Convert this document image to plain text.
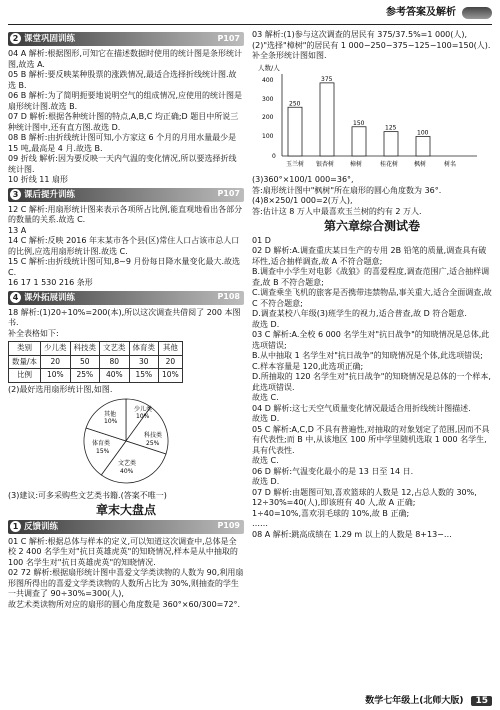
参考答案及解析
2 课堂巩固训练	P107

04 A 解析:根据图形,可知它在描述数据时使用的统计图是条形统计图,故选 A.

05 B 解析:要反映某种股票的涨跌情况,最适合选择折线统计图.故选 B.

06 B 解析:为了简明扼要地说明空气的组成情况,应使用的统计图是扇形统计图.故选 B.

07 D 解析:根据各种统计图的特点,A,B,C 均正确;D 题目中所说三种统计图中,还有直方图.故选 D.

08 B 解析:由折线统计图可知,小方家这 6 个月的月用水量最少是 15 吨,最高是 4 月.故选 B.

09 折线 解析:因为要反映一天内气温的变化情况,所以要选择折线统计图.

10 折线 11 扇形

3 课后提升训练	P107

12 C 解析:用扇形统计图来表示各项所占比例,能直观地看出各部分的数量的关系.故选 C.

13 A

14 C 解析:反映 2016 年末某市各个县(区)常住人口占该市总人口的比例,应选用扇形统计图.故选 C.

15 C 解析:由折线统计图可知,8~9 月份每日降水量变化最大.故选 C.

16 17 1 530 216 条形

4 课外拓展训练	P108

18 解析:(1)20÷10%=200(本),所以这次调查共借阅了 200 本图书.

补全表格如下:

类别	少儿类	科技类	文艺类	体育类	其他
数量/本	20	50	80	30	20
比例	10%	25%	40%	15%	10%

(2)最好选用扇形统计图,如图.

少儿类
10%
科技类
25%
文艺类
40%
体育类
15%
其他
10%

(3)建议:可多采购些文艺类书籍.(答案不唯一)

章末大盘点
1 反馈训练	P109

01 C 解析:根据总体与样本的定义,可以知道这次调查中,总体是全校 2 400 名学生对"抗日英雄虎英"的知晓情况,样本是从中抽取的 100 名学生对"抗日英雄虎英"的知晓情况.

02 72 解析:根据扇形统计图中喜爱文学类读物的人数为 90,利用扇形图所得出的喜爱文学类读物的人数所占比为 30%,则抽查的学生一共调查了 90÷30%=300(人),

故艺术类读物所对应的扇形的圆心角度数是 360°×60/300=72°.

03 解析:(1)参与这次调查的居民有 375/37.5%=1 000(人),

(2)"选择"樟树"的居民有 1 000−250−375−125−100=150(人).

补全条形统计图如图.

人数/人
400
300
200
100
0
250
375
150
125
100
玉兰树 银杏树	樟树	桂花树	枫树	树名

(3)360°×100/1 000=36°,

答:扇形统计图中"枫树"所在扇形的圆心角度数为 36°.

(4)8×250/1 000=2(万人),

答:估计这 8 万人中最喜欢玉兰树的约有 2 万人.

第六章综合测试卷

01 D

02 D 解析:A.调查重庆某日生产的专用 2B 铅笔的质量,调查具有破坏性,适合抽样调查,故 A 不符合题意;

B.调查中小学生对电影《战狼》的喜爱程度,调查范围广,适合抽样调查,故 B 不符合题意;

C.调查乘坐飞机的旅客是否携带违禁物品,事关重大,适合全面调查,故 C 不符合题意;

D.调查某校八年级(3)班学生的视力,适合普查,故 D 符合题意.

故选 D.

03 C 解析:A.全校 6 000 名学生对"抗日战争"的知晓情况是总体,此选项错误;

B.从中抽取 1 名学生对"抗日战争"的知晓情况是个体,此选项错误;

C.样本容量是 120,此选项正确;

D.所抽取的 120 名学生对"抗日战争"的知晓情况是总体的一个样本,此选项错误.

故选 C.

04 D 解析:这七天空气质量变化情况最适合用折线统计图描述.

故选 D.

05 C 解析:A,C,D 不具有普遍性,对抽取的对象划定了范围,因而不具有代表性;而 B 中,从该地区 100 所中学里随机选取 1 000 名学生,具有代表性.

故选 C.

06 D 解析:气温变化最小的是 13 日至 14 日.

故选 D.

07 D 解析:由题图可知,喜欢篮球的人数是 12,占总人数的 30%,

12÷30%=40(人),即该班有 40 人,故 A 正确;

1÷40=10%,喜欢羽毛球的 10%,故 B 正确;

……

08 A 解析:跳高成绩在 1.29 m 以上的人数是 8+13−…

数学七年级上(北师大版)	15
